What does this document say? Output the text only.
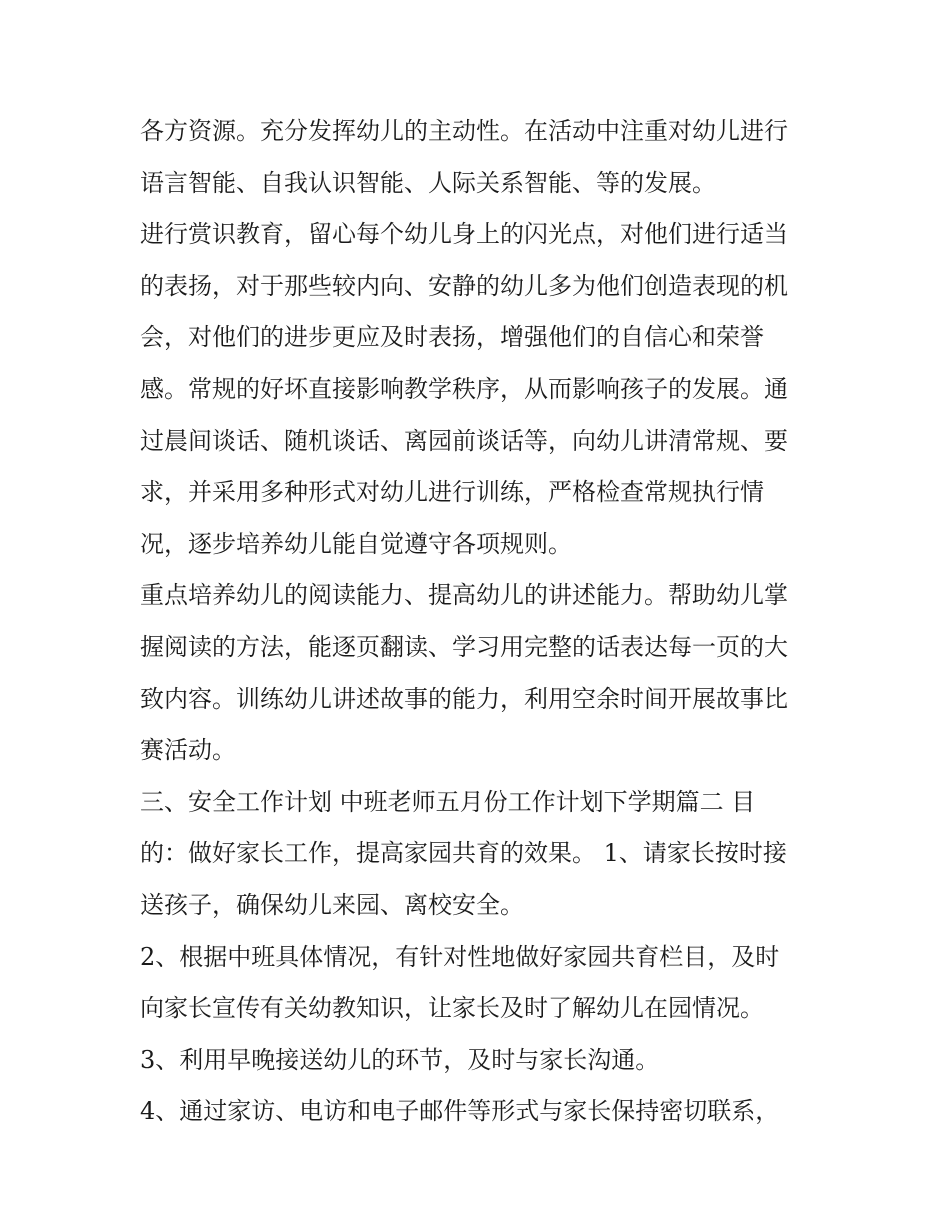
各方资源。充分发挥幼儿的主动性。在活动中注重对幼儿进行
语言智能、自我认识智能、人际关系智能、等的发展。
进行赏识教育，留心每个幼儿身上的闪光点，对他们进行适当
的表扬，对于那些较内向、安静的幼儿多为他们创造表现的机
会，对他们的进步更应及时表扬，增强他们的自信心和荣誉
感。常规的好坏直接影响教学秩序，从而影响孩子的发展。通
过晨间谈话、随机谈话、离园前谈话等，向幼儿讲清常规、要
求，并采用多种形式对幼儿进行训练，严格检查常规执行情
况，逐步培养幼儿能自觉遵守各项规则。
重点培养幼儿的阅读能力、提高幼儿的讲述能力。帮助幼儿掌
握阅读的方法，能逐页翻读、学习用完整的话表达每一页的大
致内容。训练幼儿讲述故事的能力，利用空余时间开展故事比
赛活动。
三、安全工作计划 中班老师五月份工作计划下学期篇二 目
的：做好家长工作，提高家园共育的效果。 1、请家长按时接
送孩子，确保幼儿来园、离校安全。
2、根据中班具体情况，有针对性地做好家园共育栏目，及时
向家长宣传有关幼教知识，让家长及时了解幼儿在园情况。
3、利用早晚接送幼儿的环节，及时与家长沟通。
4、通过家访、电访和电子邮件等形式与家长保持密切联系，
